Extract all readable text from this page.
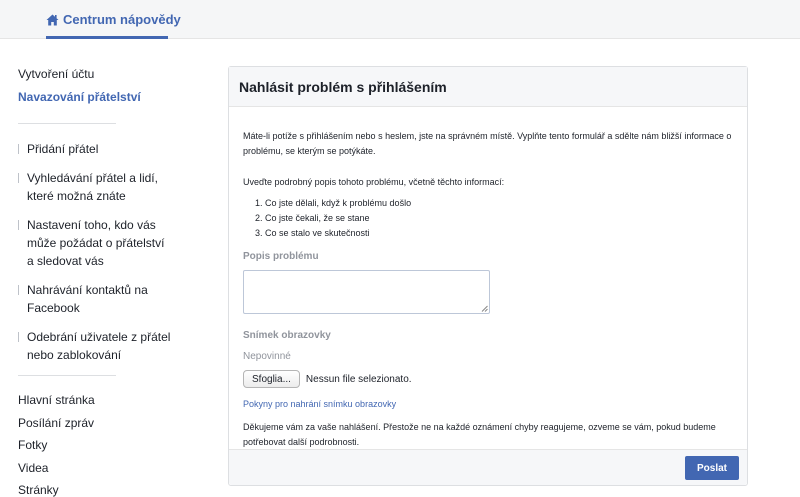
Centrum nápovědy
Vytvoření účtu
Navazování přátelství
Přidání přátel
Vyhledávání přátel a lidí, které možná znáte
Nastavení toho, kdo vás může požádat o přátelství a sledovat vás
Nahrávání kontaktů na Facebook
Odebrání uživatele z přátel nebo zablokování
Hlavní stránka
Posílání zpráv
Fotky
Videa
Stránky
Nahlásit problém s přihlášením

Máte-li potíže s přihlášením nebo s heslem, jste na správném místě. Vyplňte tento formulář a sdělte nám bližší informace o problému, se kterým se potýkáte.

Uveďte podrobný popis tohoto problému, včetně těchto informací:

1. Co jste dělali, když k problému došlo
2. Co jste čekali, že se stane
3. Co se stalo ve skutečnosti
Popis problému
Snímek obrazovky
Nepovinné
Sfoglia...	Nessun file selezionato.
Pokyny pro nahrání snímku obrazovky

Děkujeme vám za vaše nahlášení. Přestože ne na každé oznámení chyby reagujeme, ozveme se vám, pokud budeme potřebovat další podrobnosti.

Poslat
